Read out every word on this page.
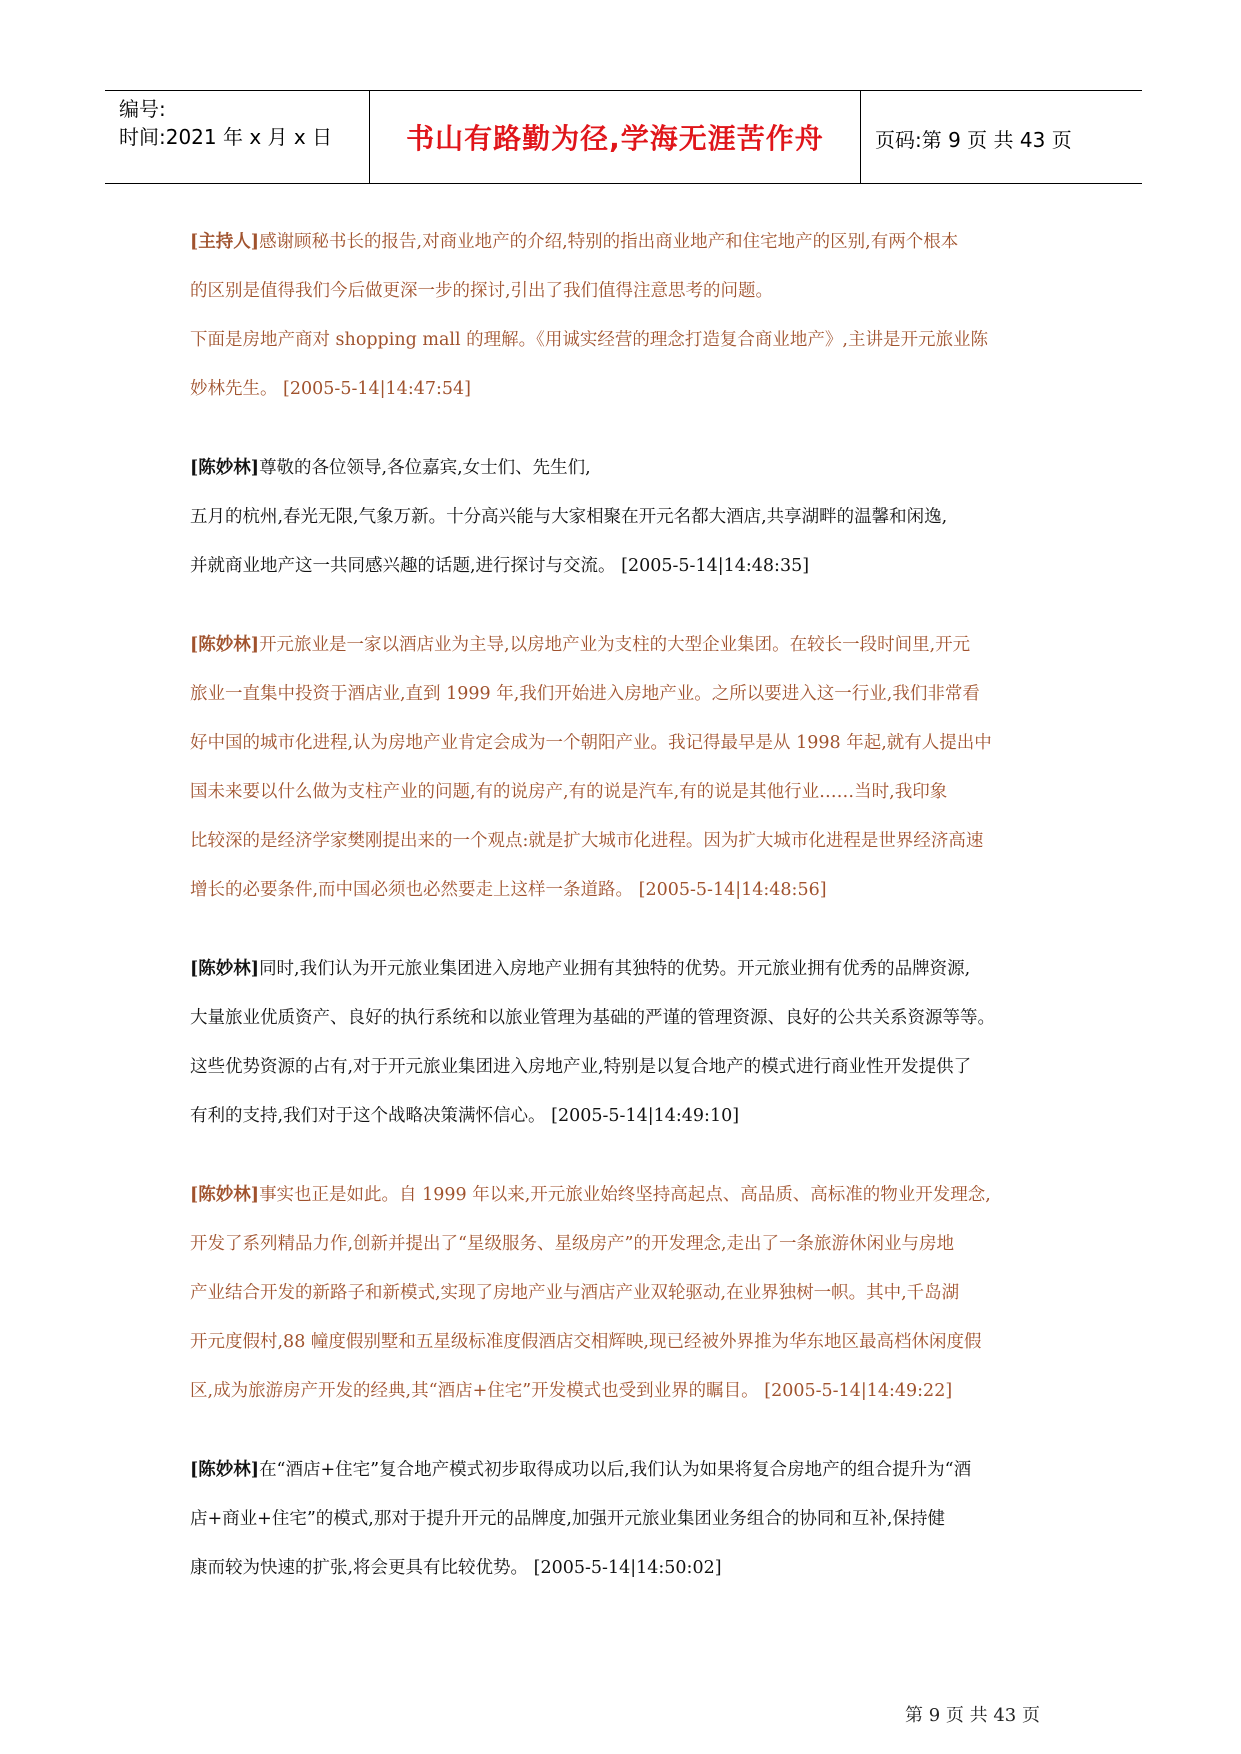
编号:
时间:2021 年 x 月 x 日	书山有路勤为径,学海无涯苦作舟	页码:第 9 页 共 43 页
[主持人]感谢顾秘书长的报告,对商业地产的介绍,特别的指出商业地产和住宅地产的区别,有两个根本
的区别是值得我们今后做更深一步的探讨,引出了我们值得注意思考的问题。
下面是房地产商对 shopping mall 的理解。《用诚实经营的理念打造复合商业地产》,主讲是开元旅业陈
妙林先生。 [2005-5-14|14:47:54]
[陈妙林]尊敬的各位领导,各位嘉宾,女士们、先生们,
五月的杭州,春光无限,气象万新。十分高兴能与大家相聚在开元名都大酒店,共享湖畔的温馨和闲逸,
并就商业地产这一共同感兴趣的话题,进行探讨与交流。 [2005-5-14|14:48:35]
[陈妙林]开元旅业是一家以酒店业为主导,以房地产业为支柱的大型企业集团。在较长一段时间里,开元
旅业一直集中投资于酒店业,直到 1999 年,我们开始进入房地产业。之所以要进入这一行业,我们非常看
好中国的城市化进程,认为房地产业肯定会成为一个朝阳产业。我记得最早是从 1998 年起,就有人提出中
国未来要以什么做为支柱产业的问题,有的说房产,有的说是汽车,有的说是其他行业……当时,我印象
比较深的是经济学家樊刚提出来的一个观点:就是扩大城市化进程。因为扩大城市化进程是世界经济高速
增长的必要条件,而中国必须也必然要走上这样一条道路。 [2005-5-14|14:48:56]
[陈妙林]同时,我们认为开元旅业集团进入房地产业拥有其独特的优势。开元旅业拥有优秀的品牌资源,
大量旅业优质资产、良好的执行系统和以旅业管理为基础的严谨的管理资源、良好的公共关系资源等等。
这些优势资源的占有,对于开元旅业集团进入房地产业,特别是以复合地产的模式进行商业性开发提供了
有利的支持,我们对于这个战略决策满怀信心。 [2005-5-14|14:49:10]
[陈妙林]事实也正是如此。自 1999 年以来,开元旅业始终坚持高起点、高品质、高标准的物业开发理念,
开发了系列精品力作,创新并提出了“星级服务、星级房产”的开发理念,走出了一条旅游休闲业与房地
产业结合开发的新路子和新模式,实现了房地产业与酒店产业双轮驱动,在业界独树一帜。其中,千岛湖
开元度假村,88 幢度假别墅和五星级标准度假酒店交相辉映,现已经被外界推为华东地区最高档休闲度假
区,成为旅游房产开发的经典,其“酒店+住宅”开发模式也受到业界的瞩目。 [2005-5-14|14:49:22]
[陈妙林]在“酒店+住宅”复合地产模式初步取得成功以后,我们认为如果将复合房地产的组合提升为“酒
店+商业+住宅”的模式,那对于提升开元的品牌度,加强开元旅业集团业务组合的协同和互补,保持健
康而较为快速的扩张,将会更具有比较优势。 [2005-5-14|14:50:02]
第 9 页 共 43 页
